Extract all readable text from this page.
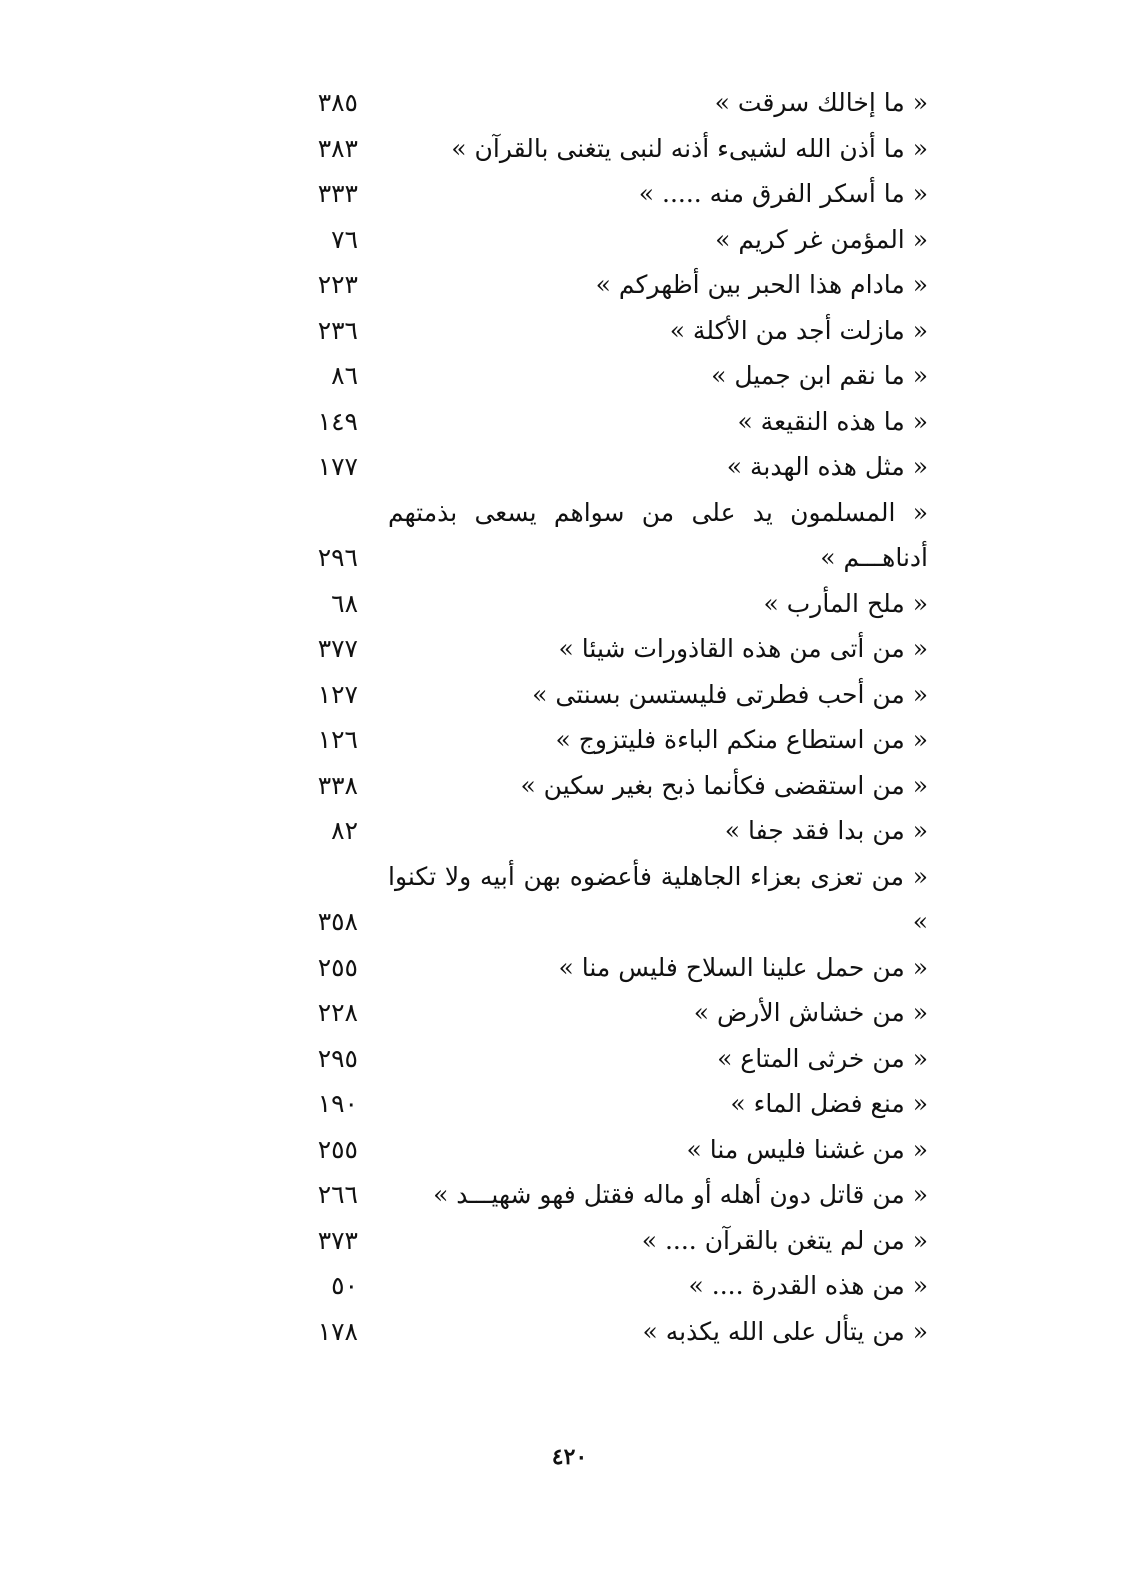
« ما إخالك سرقت »
٣٨٥
« ما أذن الله لشيىء أذنه لنبى يتغنى بالقرآن »
٣٨٣
« ما أسكر الفرق منه ..... »
٣٣٣
« المؤمن غر كريم »
٧٦
« مادام هذا الحبر بين أظهركم »
٢٢٣
« مازلت أجد من الأكلة »
٢٣٦
« ما نقم ابن جميل »
٨٦
« ما هذه النقيعة »
١٤٩
« مثل هذه الهدبة »
١٧٧
« المسلمون يد على من سواهم يسعى بذمتهم أدناهـــم »
٢٩٦
« ملح المأرب »
٦٨
« من أتى من هذه القاذورات شيئا »
٣٧٧
« من أحب فطرتى فليستسن بسنتى »
١٢٧
« من استطاع منكم الباءة فليتزوج »
١٢٦
« من استقضى فكأنما ذبح بغير سكين »
٣٣٨
« من بدا فقد جفا »
٨٢
« من تعزى بعزاء الجاهلية فأعضوه بهن أبيه ولا تكنوا »
٣٥٨
« من حمل علينا السلاح فليس منا »
٢٥٥
« من خشاش الأرض »
٢٢٨
« من خرثى المتاع »
٢٩٥
« منع فضل الماء »
١٩٠
« من غشنا فليس منا »
٢٥٥
« من قاتل دون أهله أو ماله فقتل فهو شهيـــد »
٢٦٦
« من لم يتغن بالقرآن .... »
٣٧٣
« من هذه القدرة .... »
٥٠
« من يتأل على الله يكذبه »
١٧٨
٤٢٠
